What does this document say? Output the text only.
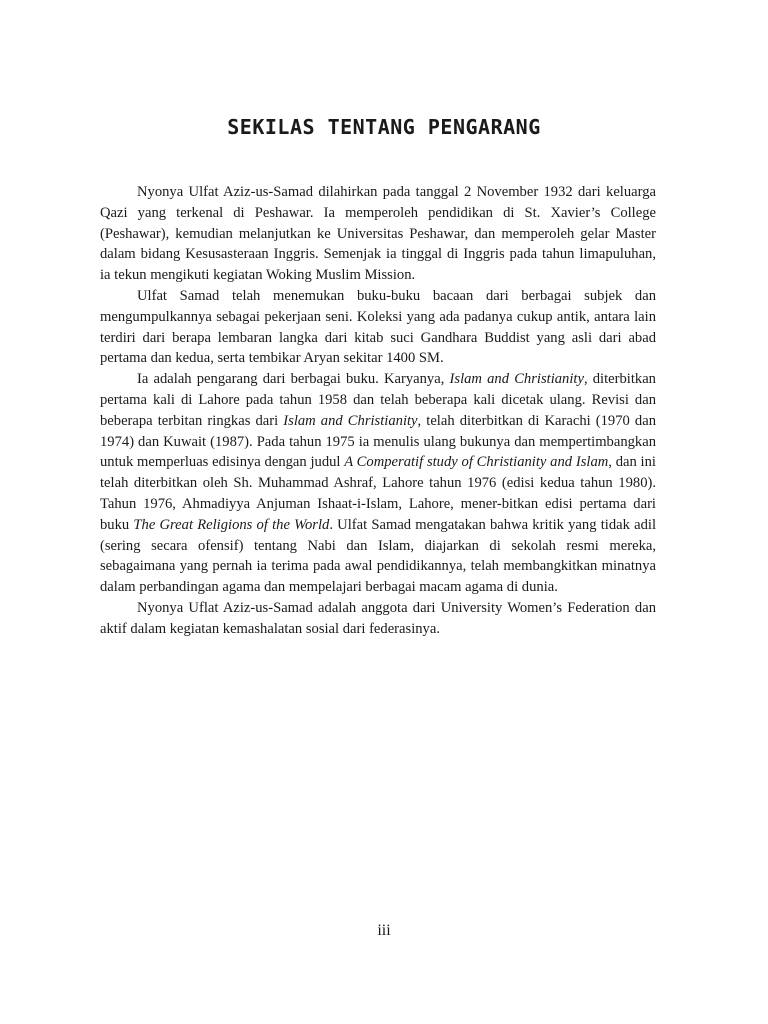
SEKILAS TENTANG PENGARANG

Nyonya Ulfat Aziz-us-Samad dilahirkan pada tanggal 2 November 1932 dari keluarga Qazi yang terkenal di Peshawar. Ia memperoleh pendidikan di St. Xavier’s College (Peshawar), kemudian melanjutkan ke Universitas Peshawar, dan memperoleh gelar Master dalam bidang Kesusasteraan Inggris. Semenjak ia tinggal di Inggris pada tahun limapuluhan, ia tekun mengikuti kegiatan Woking Muslim Mission.

Ulfat Samad telah menemukan buku-buku bacaan dari berbagai subjek dan mengumpulkannya sebagai pekerjaan seni. Koleksi yang ada padanya cukup antik, antara lain terdiri dari berapa lembaran langka dari kitab suci Gandhara Buddist yang asli dari abad pertama dan kedua, serta tembikar Aryan sekitar 1400 SM.

Ia adalah pengarang dari berbagai buku. Karyanya, Islam and Christianity, diterbitkan pertama kali di Lahore pada tahun 1958 dan telah beberapa kali dicetak ulang. Revisi dan beberapa terbitan ringkas dari Islam and Christianity, telah diterbitkan di Karachi (1970 dan 1974) dan Kuwait (1987). Pada tahun 1975 ia menulis ulang bukunya dan mempertimbangkan untuk memperluas edisinya dengan judul A Comperatif study of Christianity and Islam, dan ini telah diterbitkan oleh Sh. Muhammad Ashraf, Lahore tahun 1976 (edisi kedua tahun 1980). Tahun 1976, Ahmadiyya Anjuman Ishaat-i-Islam, Lahore, mener-bitkan edisi pertama dari buku The Great Religions of the World. Ulfat Samad mengatakan bahwa kritik yang tidak adil (sering secara ofensif) tentang Nabi dan Islam, diajarkan di sekolah resmi mereka, sebagaimana yang pernah ia terima pada awal pendidikannya, telah membangkitkan minatnya dalam perbandingan agama dan mempelajari berbagai macam agama di dunia.

Nyonya Uflat Aziz-us-Samad adalah anggota dari University Women’s Federation dan aktif dalam kegiatan kemashalatan sosial dari federasinya.

iii
